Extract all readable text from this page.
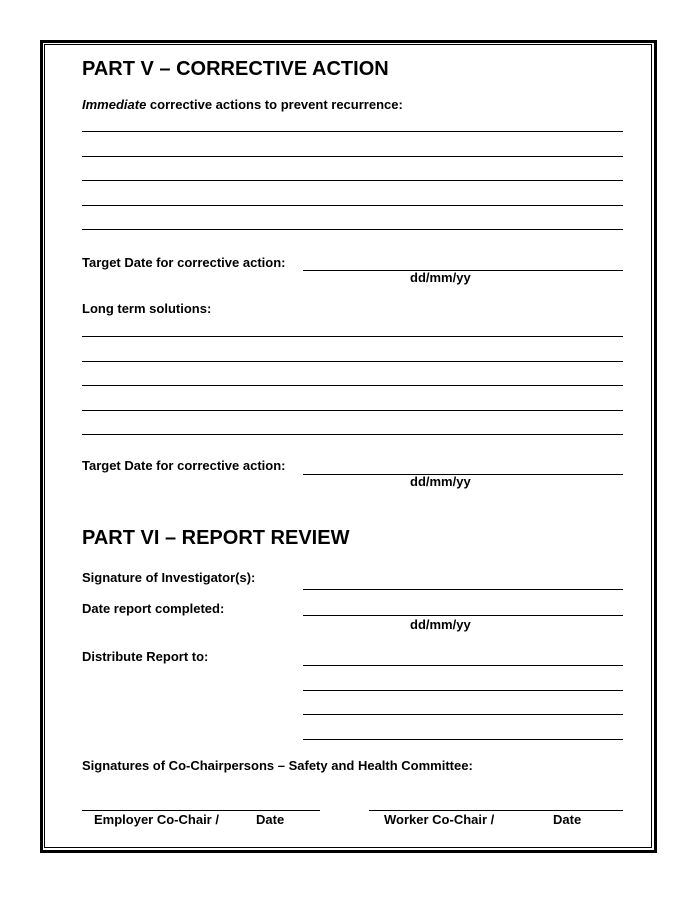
PART V – CORRECTIVE ACTION
Immediate corrective actions to prevent recurrence:
Target Date for corrective action:
dd/mm/yy
Long term solutions:
Target Date for corrective action:
dd/mm/yy
PART VI – REPORT REVIEW
Signature of Investigator(s):
Date report completed:
dd/mm/yy
Distribute Report to:
Signatures of Co-Chairpersons – Safety and Health Committee:
Employer Co-Chair /	Date	Worker Co-Chair /	Date
